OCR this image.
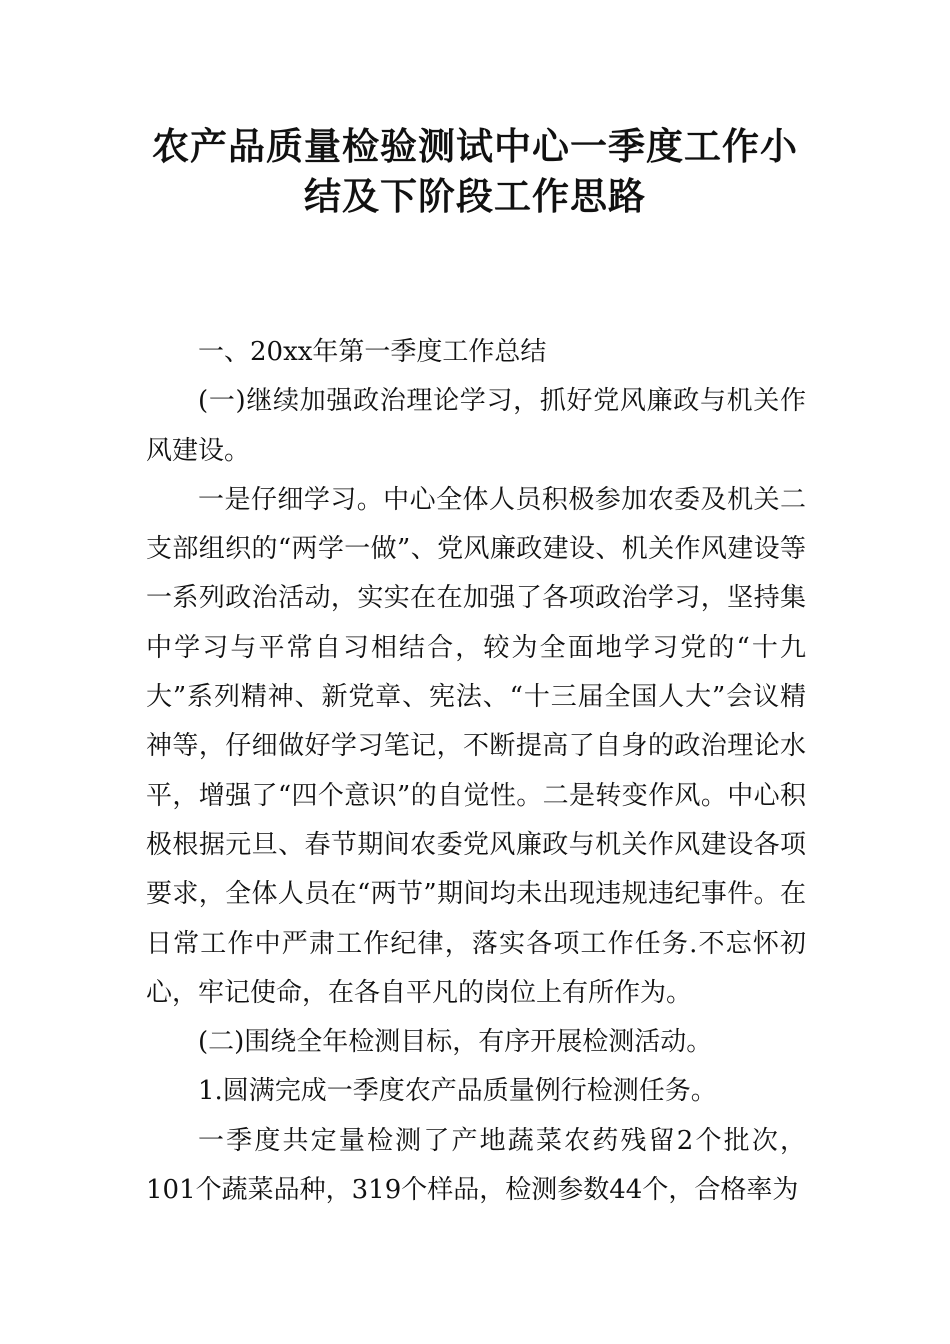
农产品质量检验测试中心一季度工作小
结及下阶段工作思路

一、20xx年第一季度工作总结

(一)继续加强政治理论学习，抓好党风廉政与机关作风建设。

一是仔细学习。中心全体人员积极参加农委及机关二支部组织的“两学一做”、党风廉政建设、机关作风建设等一系列政治活动，实实在在加强了各项政治学习，坚持集中学习与平常自习相结合，较为全面地学习党的“十九大”系列精神、新党章、宪法、“十三届全国人大”会议精神等，仔细做好学习笔记，不断提高了自身的政治理论水平，增强了“四个意识”的自觉性。二是转变作风。中心积极根据元旦、春节期间农委党风廉政与机关作风建设各项要求，全体人员在“两节”期间均未出现违规违纪事件。在日常工作中严肃工作纪律，落实各项工作任务.不忘怀初心，牢记使命，在各自平凡的岗位上有所作为。

(二)围绕全年检测目标，有序开展检测活动。

1.圆满完成一季度农产品质量例行检测任务。

一季度共定量检测了产地蔬菜农药残留2个批次，101个蔬菜品种，319个样品，检测参数44个，合格率为
